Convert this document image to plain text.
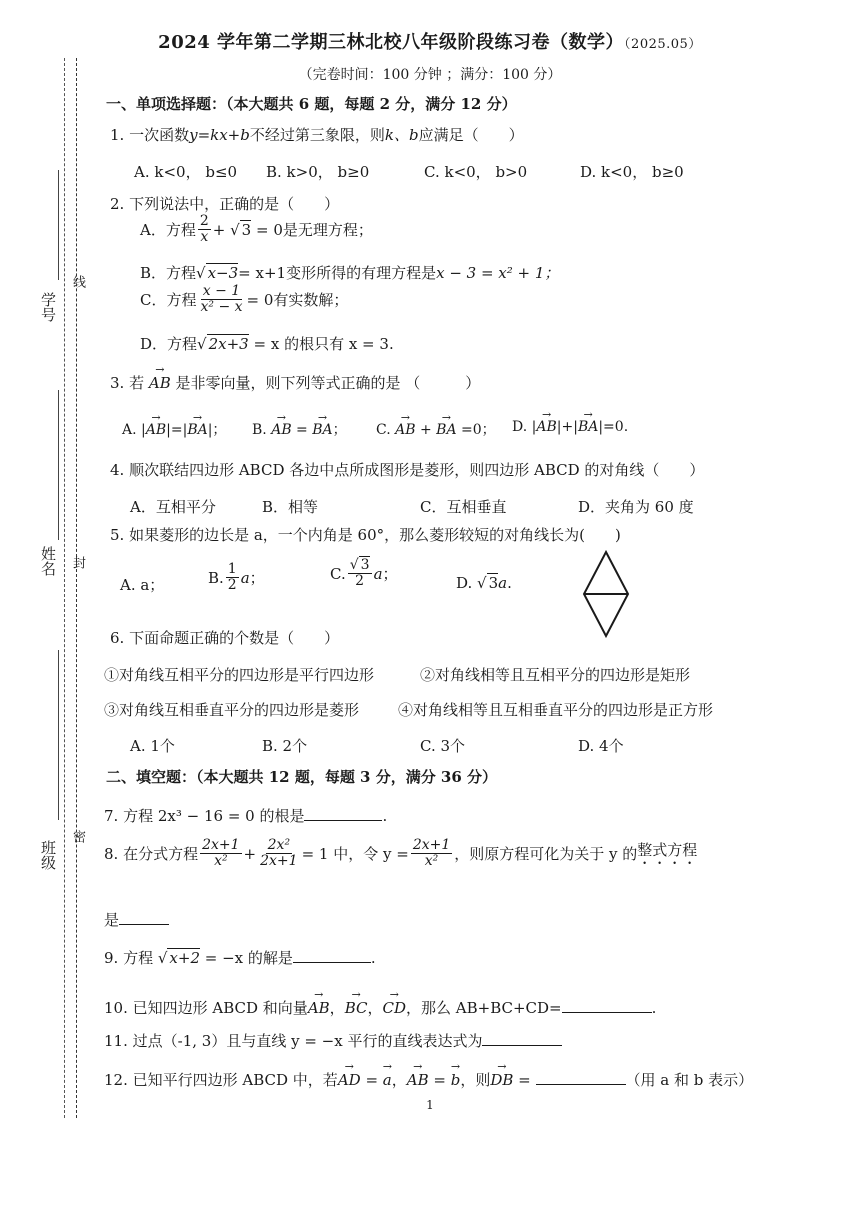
学号
线
姓名 封
班级
密
2024 学年第二学期三林北校八年级阶段练习卷（数学）（2025.05）
（完卷时间：100 分钟 ；满分：100 分）
一、单项选择题：（本大题共 6 题，每题 2 分，满分 12 分）
1. 一次函数y=kx+b不经过第三象限，则k、b应满足（　　）
A. k<0， b≤0 B. k>0， b≥0	C. k<0， b>0	D. k<0， b≥0
2. 下列说法中，正确的是（　　）
A．方程 $\frac{2}{x}$ + √ 3 = 0 是无理方程；
B．方程√ x−3= x+1变形所得的有理方程是x − 3 = x² + 1；
C．方程 $\frac{x - 1}{\text{x² − x}} = 0$有实数解；
D．方程√ 2x+3 = x 的根只有 x = 3.
3. 若 → AB 是非零向量，则下列等式正确的是 （　　　）
A. |→ AB|=|→ BA|； B. → AB = → BA； C. → AB + → BA =0； D. |→ AB|+|→ BA|=0.
4. 顺次联结四边形 ABCD 各边中点所成图形是菱形，则四边形 ABCD 的对角线（　　）
A．互相平分	B．相等	C．互相垂直	D．夹角为 60 度
5. 如果菱形的边长是 a，一个内角是 60°，那么菱形较短的对角线长为(　　)
A. a；	B. $\frac{1}{2}$ a ；	C. $\frac{√ 3}{2}$ a ；	D. √ 3a.
6. 下面命题正确的个数是（　　）
①对角线互相平分的四边形是平行四边形	②对角线相等且互相平分的四边形是矩形
③对角线互相垂直平分的四边形是菱形	④对角线相等且互相垂直平分的四边形是正方形
A. 1个	B. 2个	C. 3个	D. 4个
二、填空题：（本大题共 12 题，每题 3 分，满分 36 分）
7. 方程 2x³ − 16 = 0 的根是	.
8. 在分式方程 $\frac{2x+1}{\text{x²}} + \frac{\text{2x²}}{2x+1} = 1$ 中，令 $y = \frac{2x+1}{\text{x²}}$ ，则原方程可化为关于 y 的 整式方程
是
9. 方程 √ x+2 = −x 的解是	.
10. 已知四边形 ABCD 和向量→ AB，→ BC，→ CD，那么 AB+BC+CD=	.
11. 过点（-1, 3）且与直线 y = −x 平行的直线表达式为
12. 已知平行四边形 ABCD 中，若→ AD = → a，→ AB = → b，则→ DB =	（用 a 和 b 表示）
1
